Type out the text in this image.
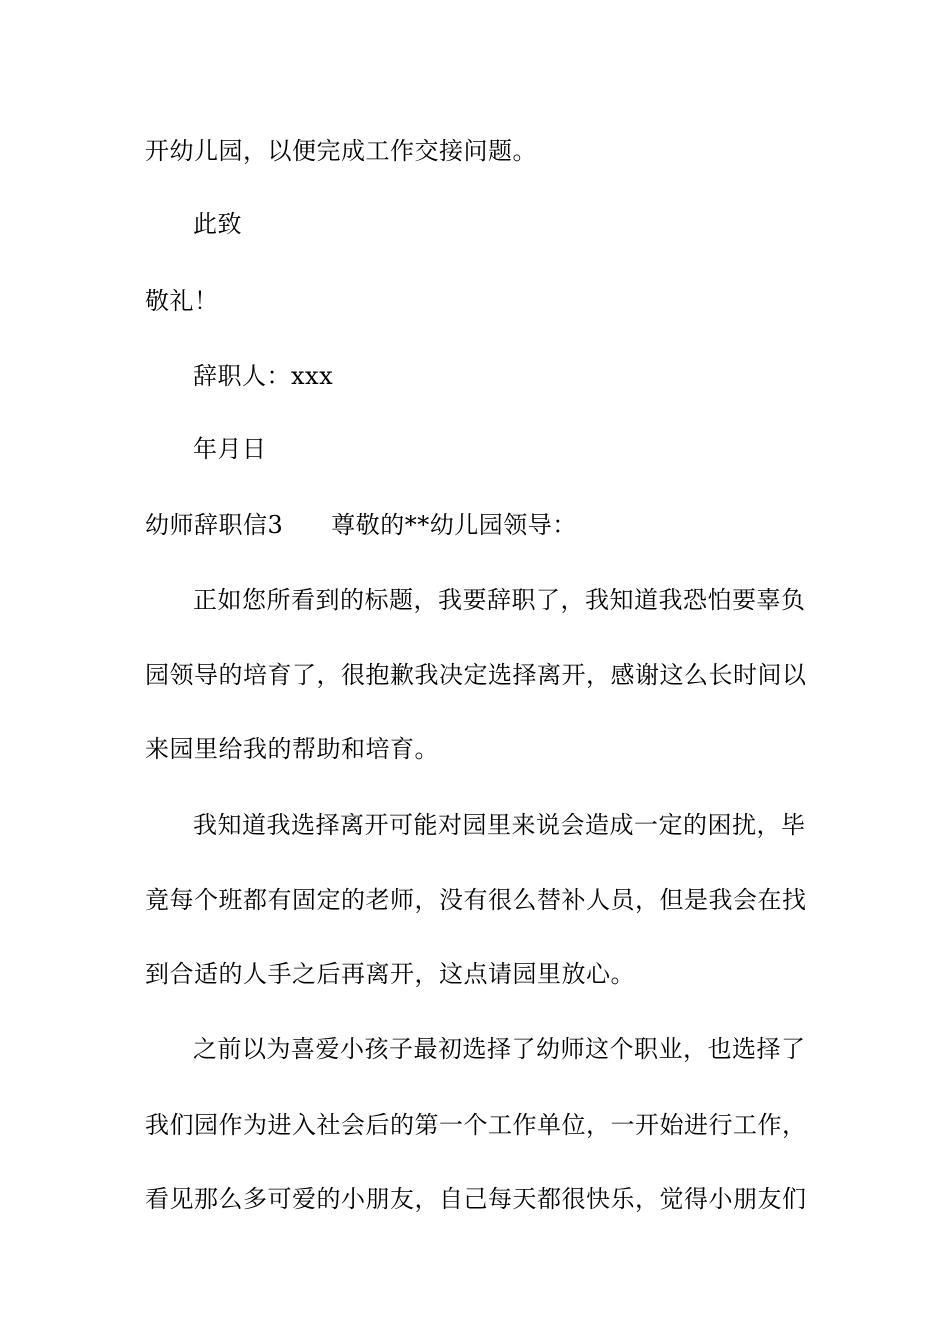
开幼儿园，以便完成工作交接问题。
此致
敬礼！
辞职人：xxx
年月日
幼师辞职信3 尊敬的**幼儿园领导：
正如您所看到的标题，我要辞职了，我知道我恐怕要辜负
园领导的培育了，很抱歉我决定选择离开，感谢这么长时间以
来园里给我的帮助和培育。
我知道我选择离开可能对园里来说会造成一定的困扰，毕
竟每个班都有固定的老师，没有很么替补人员，但是我会在找
到合适的人手之后再离开，这点请园里放心。
之前以为喜爱小孩子最初选择了幼师这个职业，也选择了
我们园作为进入社会后的第一个工作单位，一开始进行工作，
看见那么多可爱的小朋友，自己每天都很快乐，觉得小朋友们
